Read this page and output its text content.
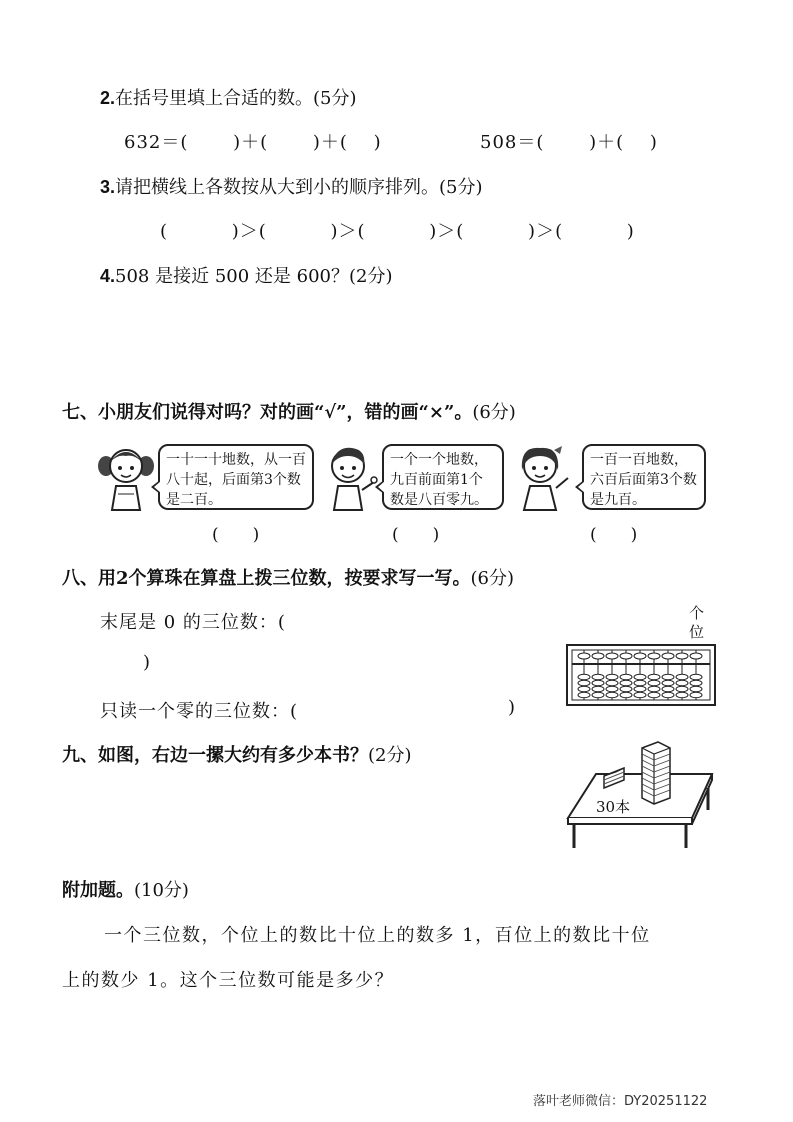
2.在括号里填上合适的数。(5分)
632＝(　　 )＋(　　 )＋(　 )	508＝(　　 )＋(　 )
3.请把横线上各数按从大到小的顺序排列。(5分)
(　　　 )＞(　　　 )＞(　　　 )＞(　　　 )＞(　　　 )
4.508 是接近 500 还是 600？(2分)
七、小朋友们说得对吗？对的画“√”，错的画“×”。(6分)
一十一十地数，从一百八十起，后面第3个数是二百。
(　　)
一个一个地数，九百前面第1个数是八百零九。
(　　)
一百一百地数，六百后面第3个数是九百。
(　　)
八、用2个算珠在算盘上拨三位数，按要求写一写。(6分)
末尾是 0 的三位数：(
)
只读一个零的三位数：(	)
个
位
九、如图，右边一摞大约有多少本书？(2分)
30本
附加题。(10分)
一个三位数，个位上的数比十位上的数多 1，百位上的数比十位
上的数少 1。这个三位数可能是多少？
落叶老师微信：DY20251122
